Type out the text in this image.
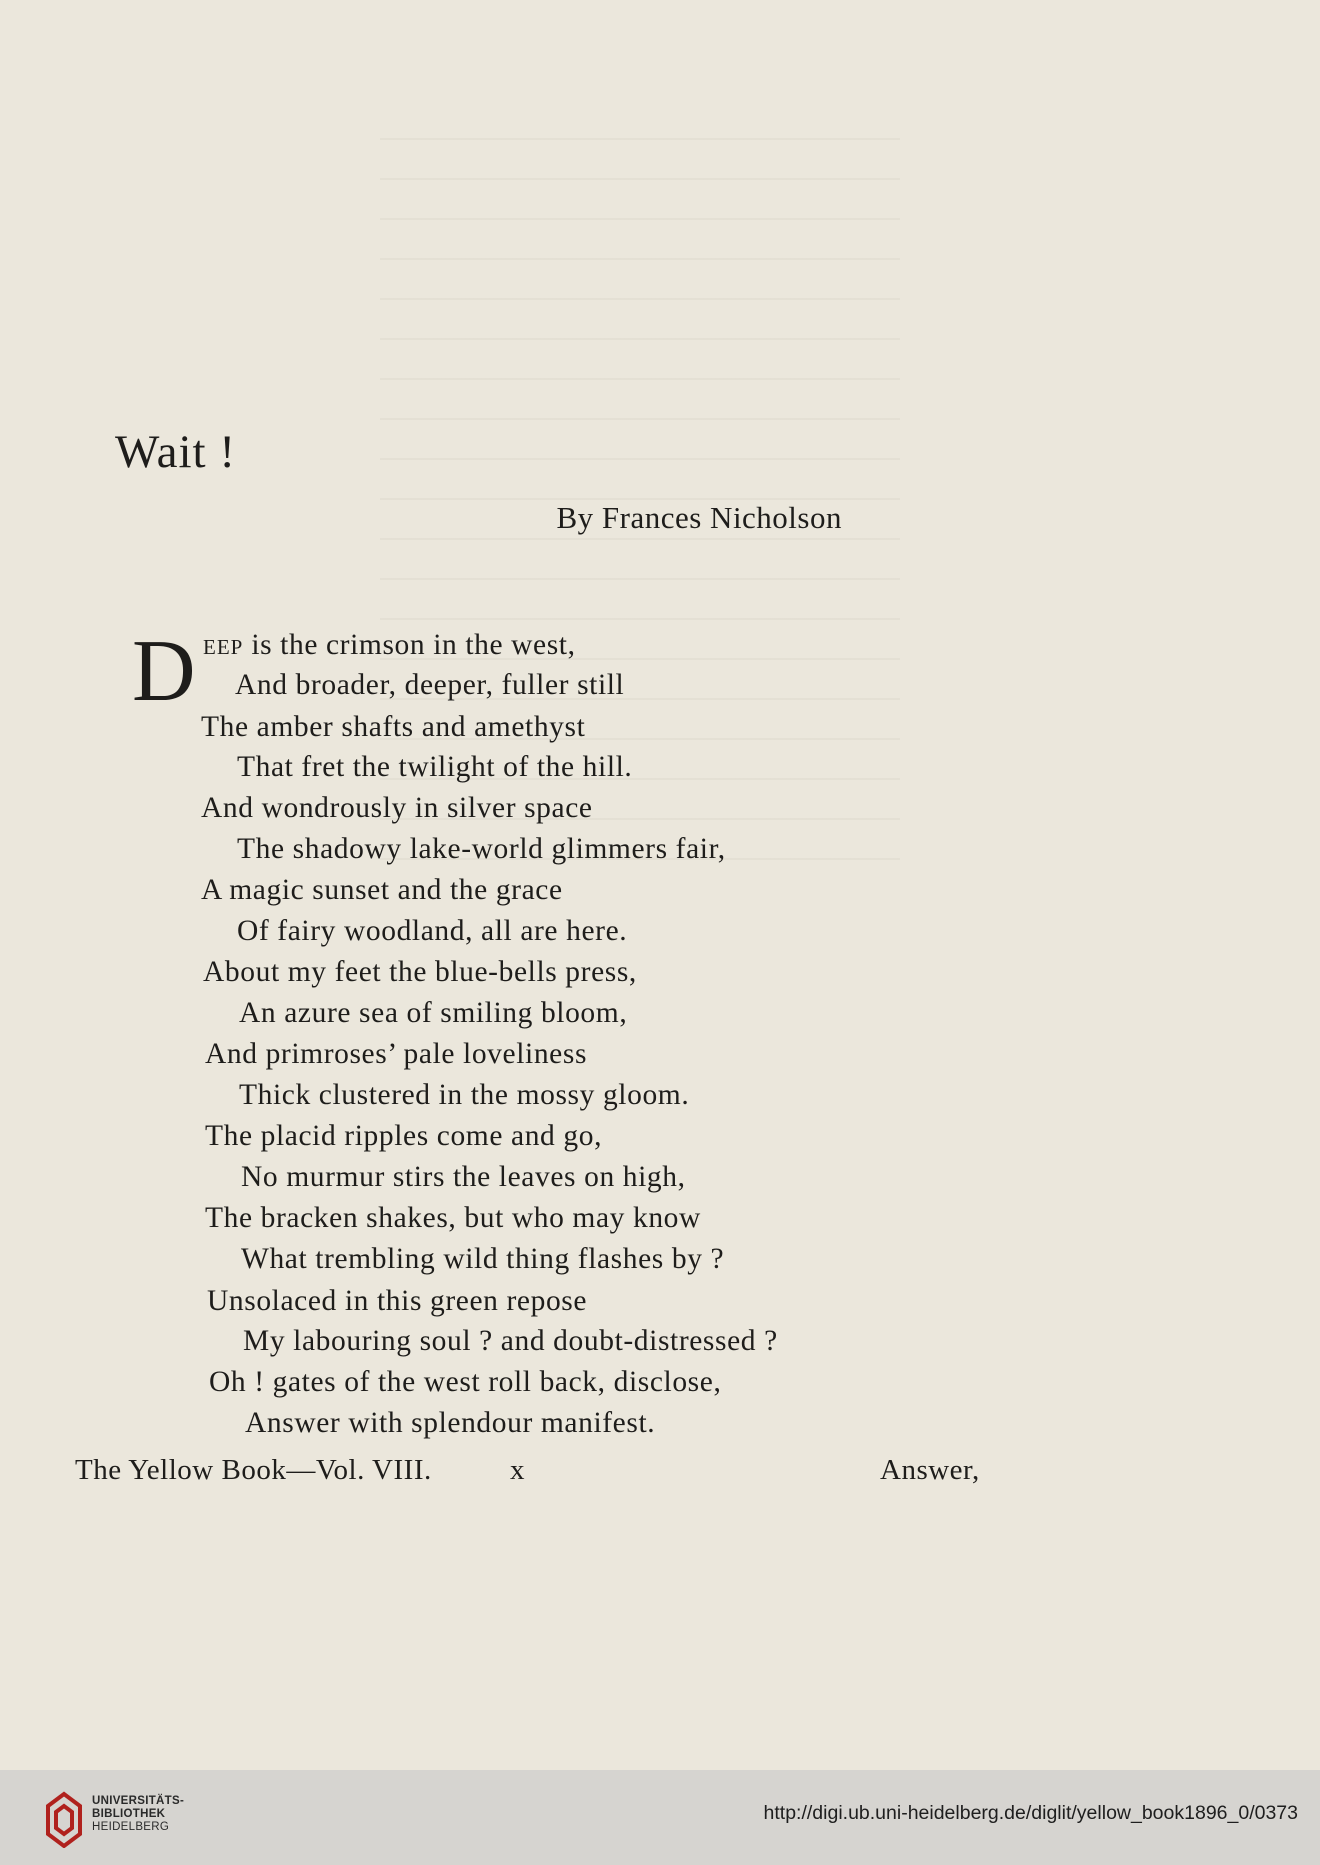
Wait !
By Frances Nicholson
D eep is the crimson in the west,
And broader, deeper, fuller still
The amber shafts and amethyst
That fret the twilight of the hill.
And wondrously in silver space
The shadowy lake-world glimmers fair,
A magic sunset and the grace
Of fairy woodland, all are here.
About my feet the blue-bells press,
An azure sea of smiling bloom,
And primroses’ pale loveliness
Thick clustered in the mossy gloom.
The placid ripples come and go,
No murmur stirs the leaves on high,
The bracken shakes, but who may know
What trembling wild thing flashes by ?
Unsolaced in this green repose
My labouring soul ? and doubt-distressed ?
Oh ! gates of the west roll back, disclose,
Answer with splendour manifest.
The Yellow Book—Vol. VIII.	x	Answer,
UNIVERSITÄTS-
BIBLIOTHEK
HEIDELBERG
http://digi.ub.uni-heidelberg.de/diglit/yellow_book1896_0/0373
